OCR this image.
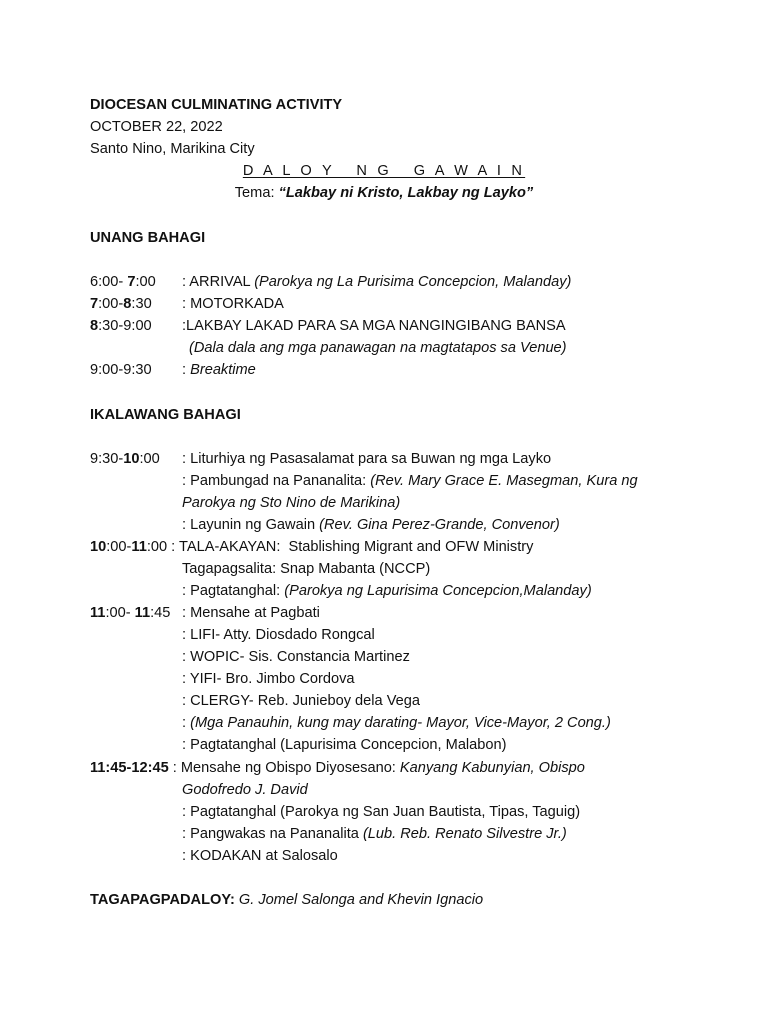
DIOCESAN CULMINATING ACTIVITY
OCTOBER 22, 2022
Santo Nino, Marikina City
D A L O Y   N G   G A W A I N
Tema: “Lakbay ni Kristo, Lakbay ng Layko”
UNANG BAHAGI
6:00- 7:00 : ARRIVAL (Parokya ng La Purisima Concepcion, Malanday)
7:00-8:30 : MOTORKADA
8:30-9:00 :LAKBAY LAKAD PARA SA MGA NANGINGIBANG BANSA
(Dala dala ang mga panawagan na magtatapos sa Venue)
9:00-9:30 : Breaktime
IKALAWANG BAHAGI
9:30-10:00 : Liturhiya ng Pasasalamat para sa Buwan ng mga Layko
: Pambungad na Pananalita: (Rev. Mary Grace E. Masegman, Kura ng
Parokya ng Sto Nino de Marikina)
: Layunin ng Gawain (Rev. Gina Perez-Grande, Convenor)
10:00-11:00 : TALA-AKAYAN:  Stablishing Migrant and OFW Ministry
Tagapagsalita: Snap Mabanta (NCCP)
: Pagtatanghal: (Parokya ng Lapurisima Concepcion,Malanday)
11:00- 11:45 : Mensahe at Pagbati
: LIFI- Atty. Diosdado Rongcal
: WOPIC- Sis. Constancia Martinez
: YIFI- Bro. Jimbo Cordova
: CLERGY- Reb. Junieboy dela Vega
: (Mga Panauhin, kung may darating- Mayor, Vice-Mayor, 2 Cong.)
: Pagtatanghal (Lapurisima Concepcion, Malabon)
11:45-12:45 : Mensahe ng Obispo Diyosesano: Kanyang Kabunyian, Obispo
Godofredo J. David
: Pagtatanghal (Parokya ng San Juan Bautista, Tipas, Taguig)
: Pangwakas na Pananalita (Lub. Reb. Renato Silvestre Jr.)
: KODAKAN at Salosalo
TAGAPAGPADALOY: G. Jomel Salonga and Khevin Ignacio
